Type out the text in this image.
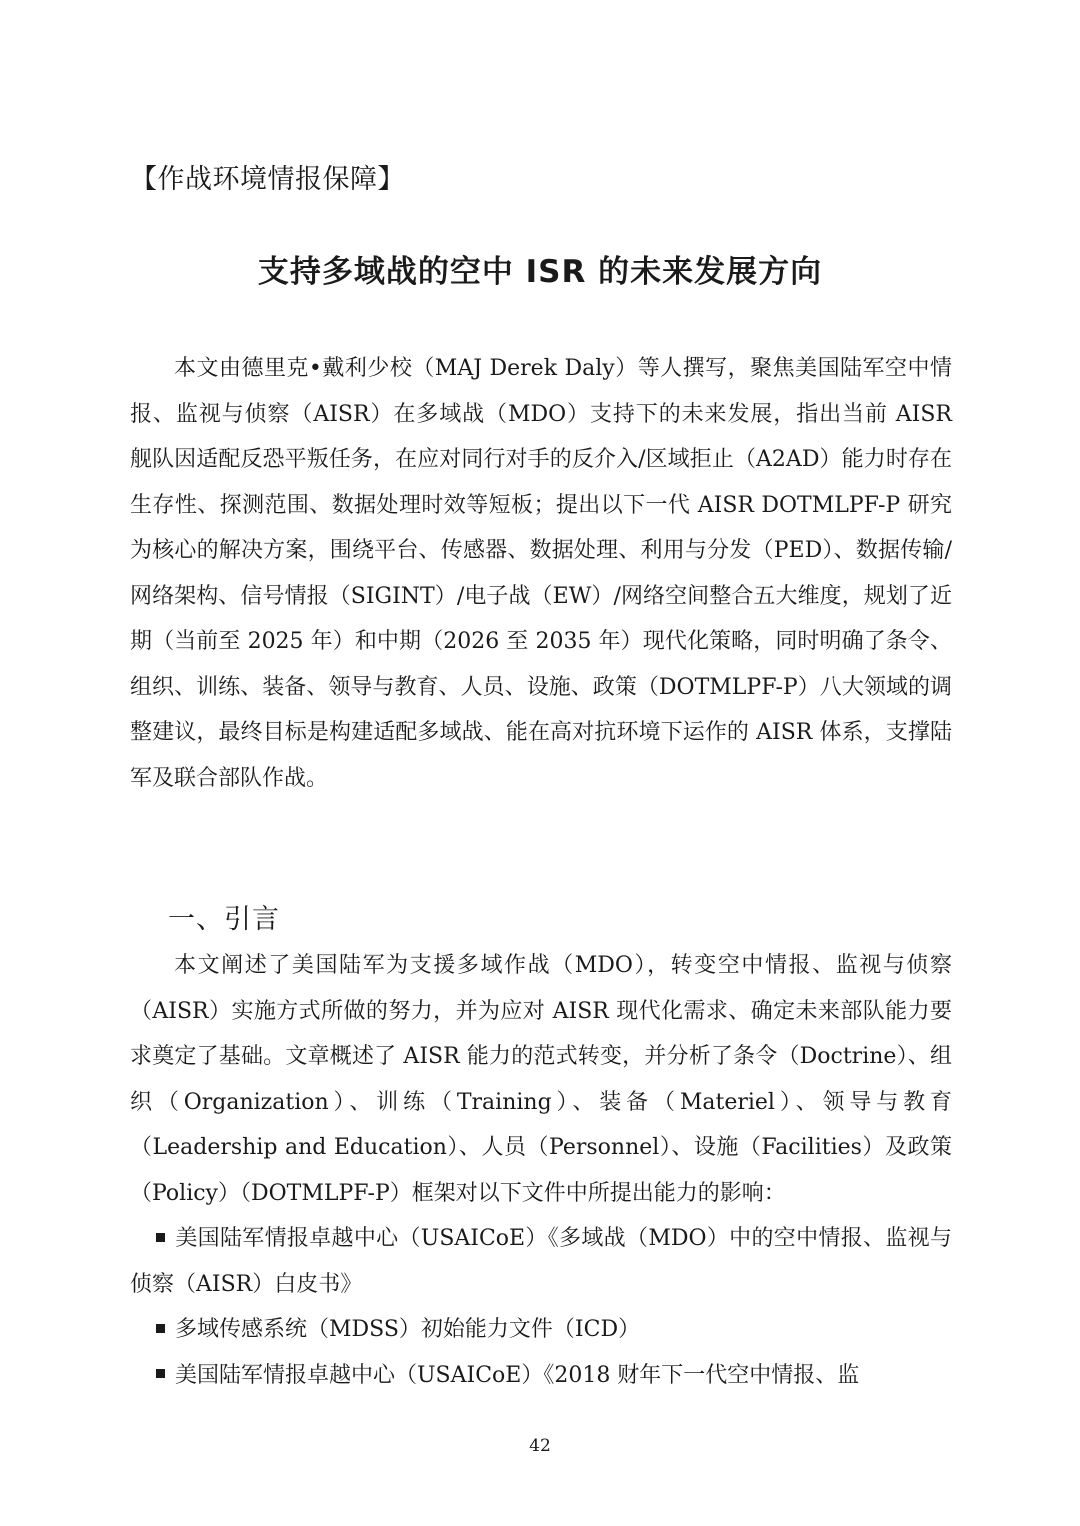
【作战环境情报保障】
支持多域战的空中 ISR 的未来发展方向

本文由德里克•戴利少校（MAJ Derek Daly）等人撰写，聚焦美国陆军空中情报、监视与侦察（AISR）在多域战（MDO）支持下的未来发展，指出当前 AISR 舰队因适配反恐平叛任务，在应对同行对手的反介入/区域拒止（A2AD）能力时存在生存性、探测范围、数据处理时效等短板；提出以下一代 AISR DOTMLPF-P 研究为核心的解决方案，围绕平台、传感器、数据处理、利用与分发（PED）、数据传输/网络架构、信号情报（SIGINT）/电子战（EW）/网络空间整合五大维度，规划了近期（当前至 2025 年）和中期（2026 至 2035 年）现代化策略，同时明确了条令、组织、训练、装备、领导与教育、人员、设施、政策（DOTMLPF-P）八大领域的调整建议，最终目标是构建适配多域战、能在高对抗环境下运作的 AISR 体系，支撑陆军及联合部队作战。

一、引言

本文阐述了美国陆军为支援多域作战（MDO），转变空中情报、监视与侦察（AISR）实施方式所做的努力，并为应对 AISR 现代化需求、确定未来部队能力要求奠定了基础。文章概述了 AISR 能力的范式转变，并分析了条令（Doctrine）、组织（Organization）、训练（Training）、装备（Materiel）、领导与教育（Leadership and Education）、人员（Personnel）、设施（Facilities）及政策（Policy）（DOTMLPF-P）框架对以下文件中所提出能力的影响：

美国陆军情报卓越中心（USAICoE）《多域战（MDO）中的空中情报、监视与侦察（AISR）白皮书》
多域传感系统（MDSS）初始能力文件（ICD）
美国陆军情报卓越中心（USAICoE）《2018 财年下一代空中情报、监
42
